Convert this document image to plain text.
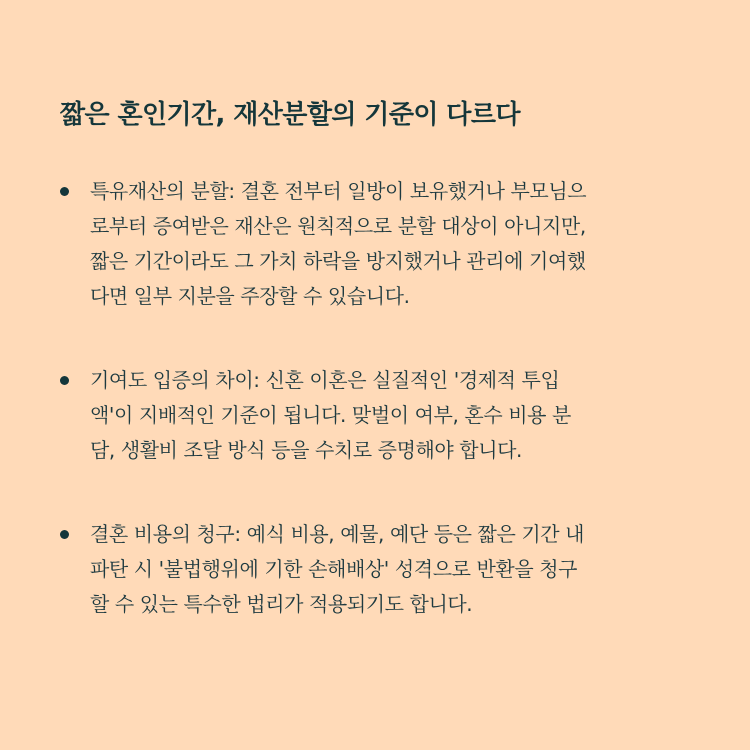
짧은 혼인기간, 재산분할의 기준이 다르다
특유재산의 분할: 결혼 전부터 일방이 보유했거나 부모님으
로부터 증여받은 재산은 원칙적으로 분할 대상이 아니지만,
짧은 기간이라도 그 가치 하락을 방지했거나 관리에 기여했
다면 일부 지분을 주장할 수 있습니다.
기여도 입증의 차이: 신혼 이혼은 실질적인 '경제적 투입
액'이 지배적인 기준이 됩니다. 맞벌이 여부, 혼수 비용 분
담, 생활비 조달 방식 등을 수치로 증명해야 합니다.
결혼 비용의 청구: 예식 비용, 예물, 예단 등은 짧은 기간 내
파탄 시 '불법행위에 기한 손해배상' 성격으로 반환을 청구
할 수 있는 특수한 법리가 적용되기도 합니다.
